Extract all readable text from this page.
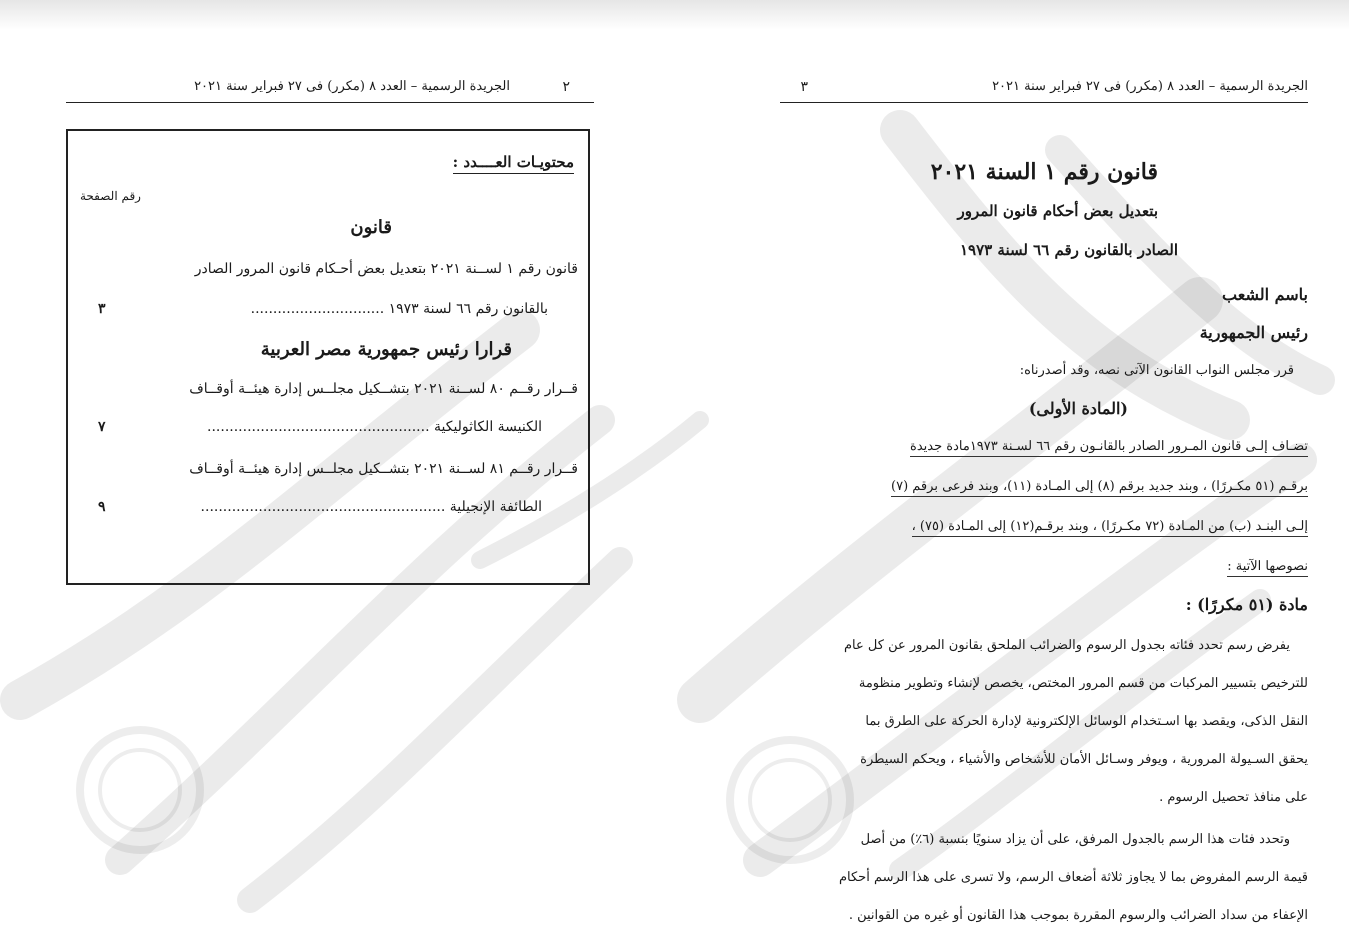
الجريدة الرسمية – العدد ٨ (مكرر) فى ٢٧ فبراير سنة ٢٠٢١	٢
محتويـات العــــدد :
رقم الصفحة
قانون
قانون رقم ١ لســنة ٢٠٢١ بتعديل بعض أحـكام قانون المرور الصادر
بالقانون رقم ٦٦ لسنة ١٩٧٣ ..............................
٣
قرارا رئيس جمهورية مصر العربية
قــرار رقــم ٨٠ لســنة ٢٠٢١ بتشــكيل مجلــس إدارة هيئــة أوقــاف
الكنيسة الكاثوليكية ..................................................
٧
قــرار رقــم ٨١ لســنة ٢٠٢١ بتشــكيل مجلــس إدارة هيئــة أوقــاف
الطائفة الإنجيلية .......................................................
٩
الجريدة الرسمية – العدد ٨ (مكرر) فى ٢٧ فبراير سنة ٢٠٢١
٣
قانون رقم ١ السنة ٢٠٢١
بتعديل بعض أحكام قانون المرور
الصادر بالقانون رقم ٦٦ لسنة ١٩٧٣
باسم الشعب
رئيس الجمهورية
قرر مجلس النواب القانون الآتى نصه، وقد أصدرناه:
(المادة الأولى)
تضـاف إلـى قانون المـرور الصادر بالقانـون رقم ٦٦ لسـنة ١٩٧٣مادة جديدة
برقـم (٥١ مكـررًا) ، وبند جديد برقم (٨) إلى المـادة (١١)، وبند فرعى برقم (٧)
إلـى البنـد (ب) من المـادة (٧٢ مكـررًا) ، وبند برقـم(١٢) إلى المـادة (٧٥) ،
نصوصها الآتية :
مادة (٥١ مكررًا) :
يفرض رسم تحدد فئاته بجدول الرسوم والضرائب الملحق بقانون المرور عن كل عام
للترخيص بتسيير المركبات من قسم المرور المختص، يخصص لإنشاء وتطوير منظومة
النقل الذكى، ويقصد بها اسـتخدام الوسائل الإلكترونية لإدارة الحركة على الطرق بما
يحقق السـيولة المرورية ، ويوفر وسـائل الأمان للأشخاص والأشياء ، ويحكم السيطرة
على منافذ تحصيل الرسوم .
وتحدد فئات هذا الرسم بالجدول المرفق، على أن يزاد سنويًا بنسبة (٦٪) من أصل
قيمة الرسم المفروض بما لا يجاوز ثلاثة أضعاف الرسم، ولا تسرى على هذا الرسم أحكام
الإعفاء من سداد الضرائب والرسوم المقررة بموجب هذا القانون أو غيره من القوانين .
